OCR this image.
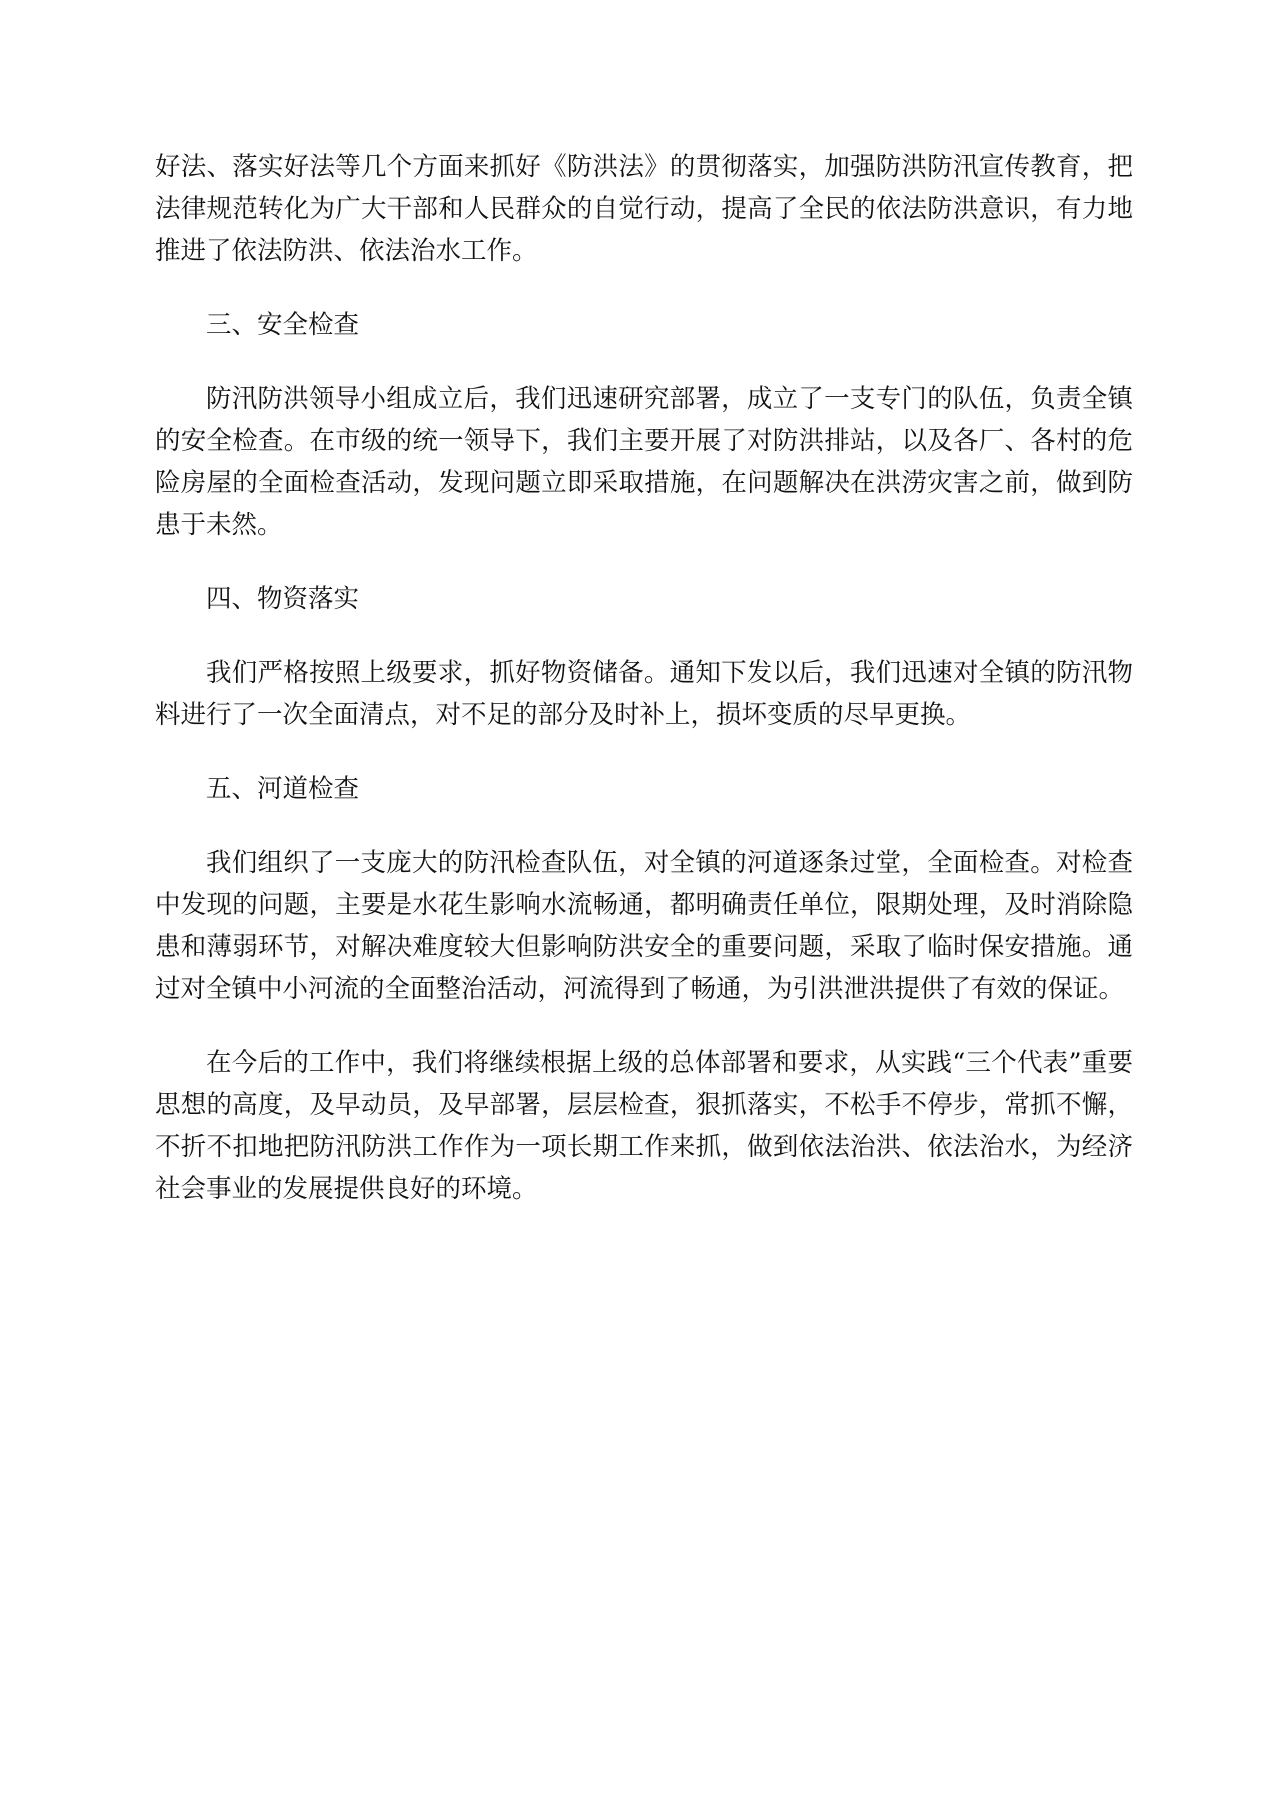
好法、落实好法等几个方面来抓好《防洪法》的贯彻落实，加强防洪防汛宣传教育，把法律规范转化为广大干部和人民群众的自觉行动，提高了全民的依法防洪意识，有力地推进了依法防洪、依法治水工作。

三、安全检查

防汛防洪领导小组成立后，我们迅速研究部署，成立了一支专门的队伍，负责全镇的安全检查。在市级的统一领导下，我们主要开展了对防洪排站，以及各厂、各村的危险房屋的全面检查活动，发现问题立即采取措施，在问题解决在洪涝灾害之前，做到防患于未然。

四、物资落实

我们严格按照上级要求，抓好物资储备。通知下发以后，我们迅速对全镇的防汛物料进行了一次全面清点，对不足的部分及时补上，损坏变质的尽早更换。

五、河道检查

我们组织了一支庞大的防汛检查队伍，对全镇的河道逐条过堂，全面检查。对检查中发现的问题，主要是水花生影响水流畅通，都明确责任单位，限期处理，及时消除隐患和薄弱环节，对解决难度较大但影响防洪安全的重要问题，采取了临时保安措施。通过对全镇中小河流的全面整治活动，河流得到了畅通，为引洪泄洪提供了有效的保证。

在今后的工作中，我们将继续根据上级的总体部署和要求，从实践“三个代表”重要思想的高度，及早动员，及早部署，层层检查，狠抓落实，不松手不停步，常抓不懈，不折不扣地把防汛防洪工作作为一项长期工作来抓，做到依法治洪、依法治水，为经济社会事业的发展提供良好的环境。
